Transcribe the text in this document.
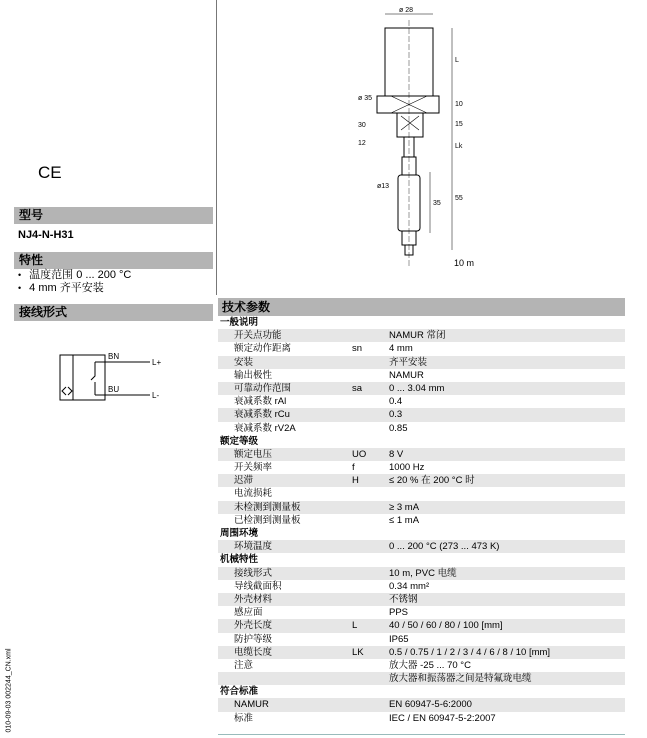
CE
型号
NJ4-N-H31
特性
• 温度范围 0 ... 200 °C
• 4 mm 齐平安装
接线形式
BN
BU
L+
L-
ø 28
ø 35
30
12
ø13
L
10
15
Lk
55
35
10 m
010-09-03 002244_CN.xml
技术参数
一般说明
开关点功能	NAMUR 常闭
额定动作距离	sn	4 mm
安装	齐平安装
输出极性	NAMUR
可靠动作范围	sa	0 ... 3.04 mm
衰减系数 rAl	0.4
衰减系数 rCu	0.3
衰减系数 rV2A	0.85
额定等级
额定电压	UO	8 V
开关频率	f	1000 Hz
迟滞	H	≤ 20 % 在 200 °C 时
电流损耗
未检测到测量板	≥ 3 mA
已检测到测量板	≤ 1 mA
周围环境
环境温度	0 ... 200 °C (273 ... 473 K)
机械特性
接线形式	10 m, PVC 电缆
导线截面积	0.34 mm²
外壳材料	不锈钢
感应面	PPS
外壳长度	L	40 / 50 / 60 / 80 / 100 [mm]
防护等级	IP65
电缆长度	LK	0.5 / 0.75 / 1 / 2 / 3 / 4 / 6 / 8 / 10 [mm]
注意	放大器 -25 ... 70 °C
放大器和振荡器之间是特氟珑电缆
符合标准
NAMUR	EN 60947-5-6:2000
标准	IEC / EN 60947-5-2:2007
